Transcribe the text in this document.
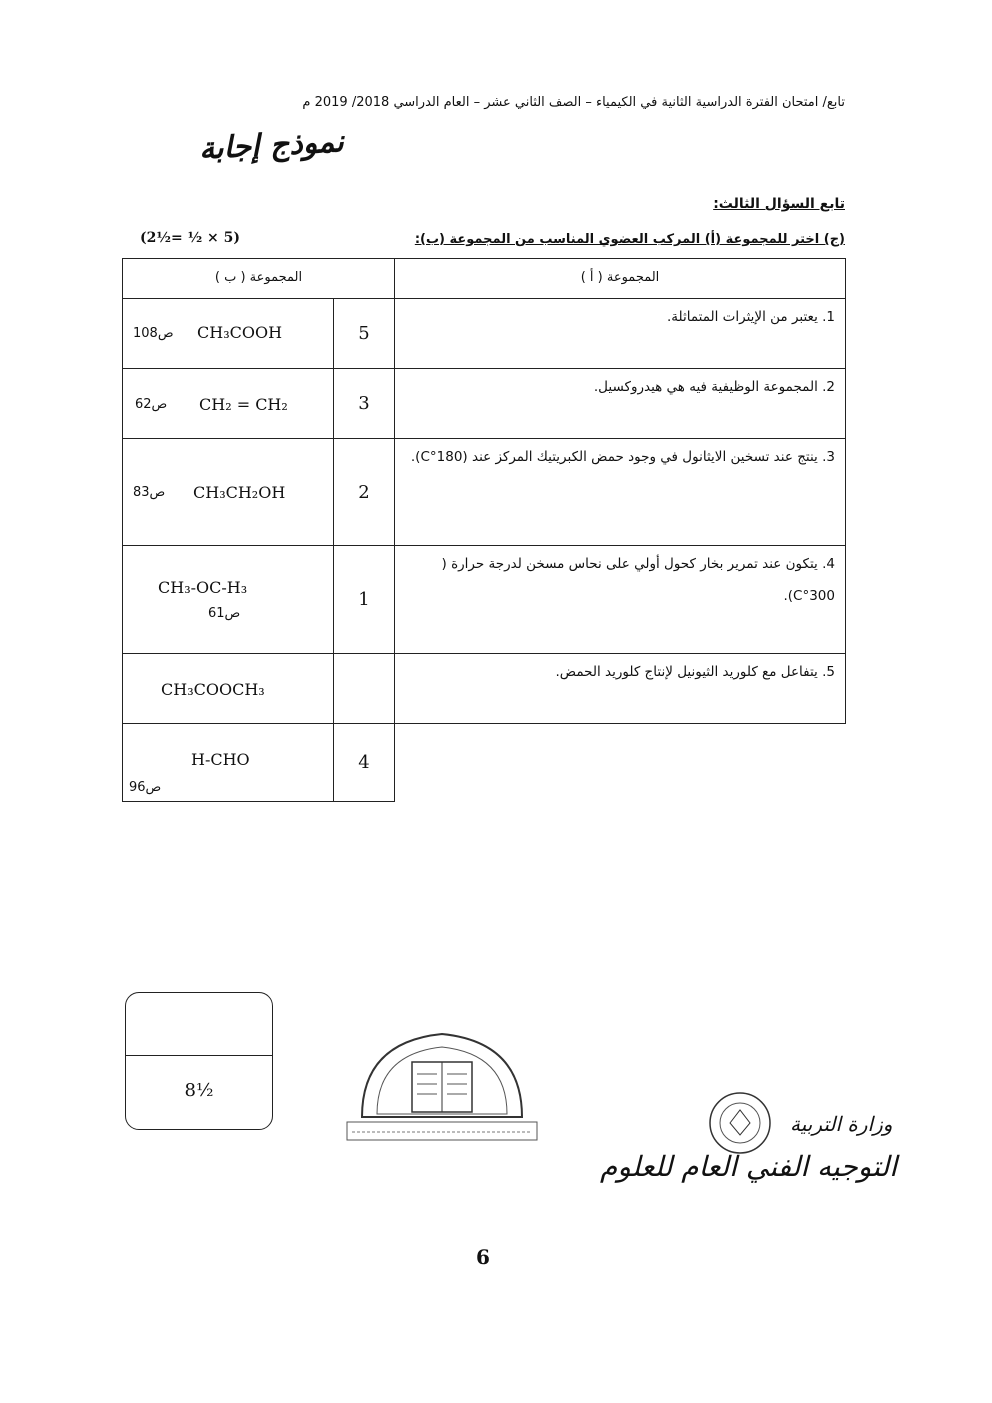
تابع/ امتحان الفترة الدراسية الثانية في الكيمياء – الصف الثاني عشر – العام الدراسي 2018/ 2019 م
نموذج إجابة
تابع السؤال الثالث:
(ج) اختر للمجموعة (أ) المركب العضوي المناسب من المجموعة (ب):
(2½= ½ × 5)
المجموعة ( أ )
المجموعة ( ب )
1. يعتبر من الإيثرات المتماثلة.
5
CH₃COOH
ص108
2. المجموعة الوظيفية فيه هي هيدروكسيل.
3
CH₂ = CH₂
ص62
3. ينتج عند تسخين الايثانول في وجود حمض الكبريتيك المركز عند (180°C).
2
CH₃CH₂OH
ص83
4. يتكون عند تمرير بخار كحول أولي على نحاس مسخن لدرجة حرارة ( 300°C).
1
CH₃-OC-H₃
ص61
5. يتفاعل مع كلوريد الثيونيل لإنتاج كلوريد الحمض.
CH₃COOCH₃
4
H-CHO
ص96
8½
وزارة التربية
التوجيه الفني العام للعلوم
6
